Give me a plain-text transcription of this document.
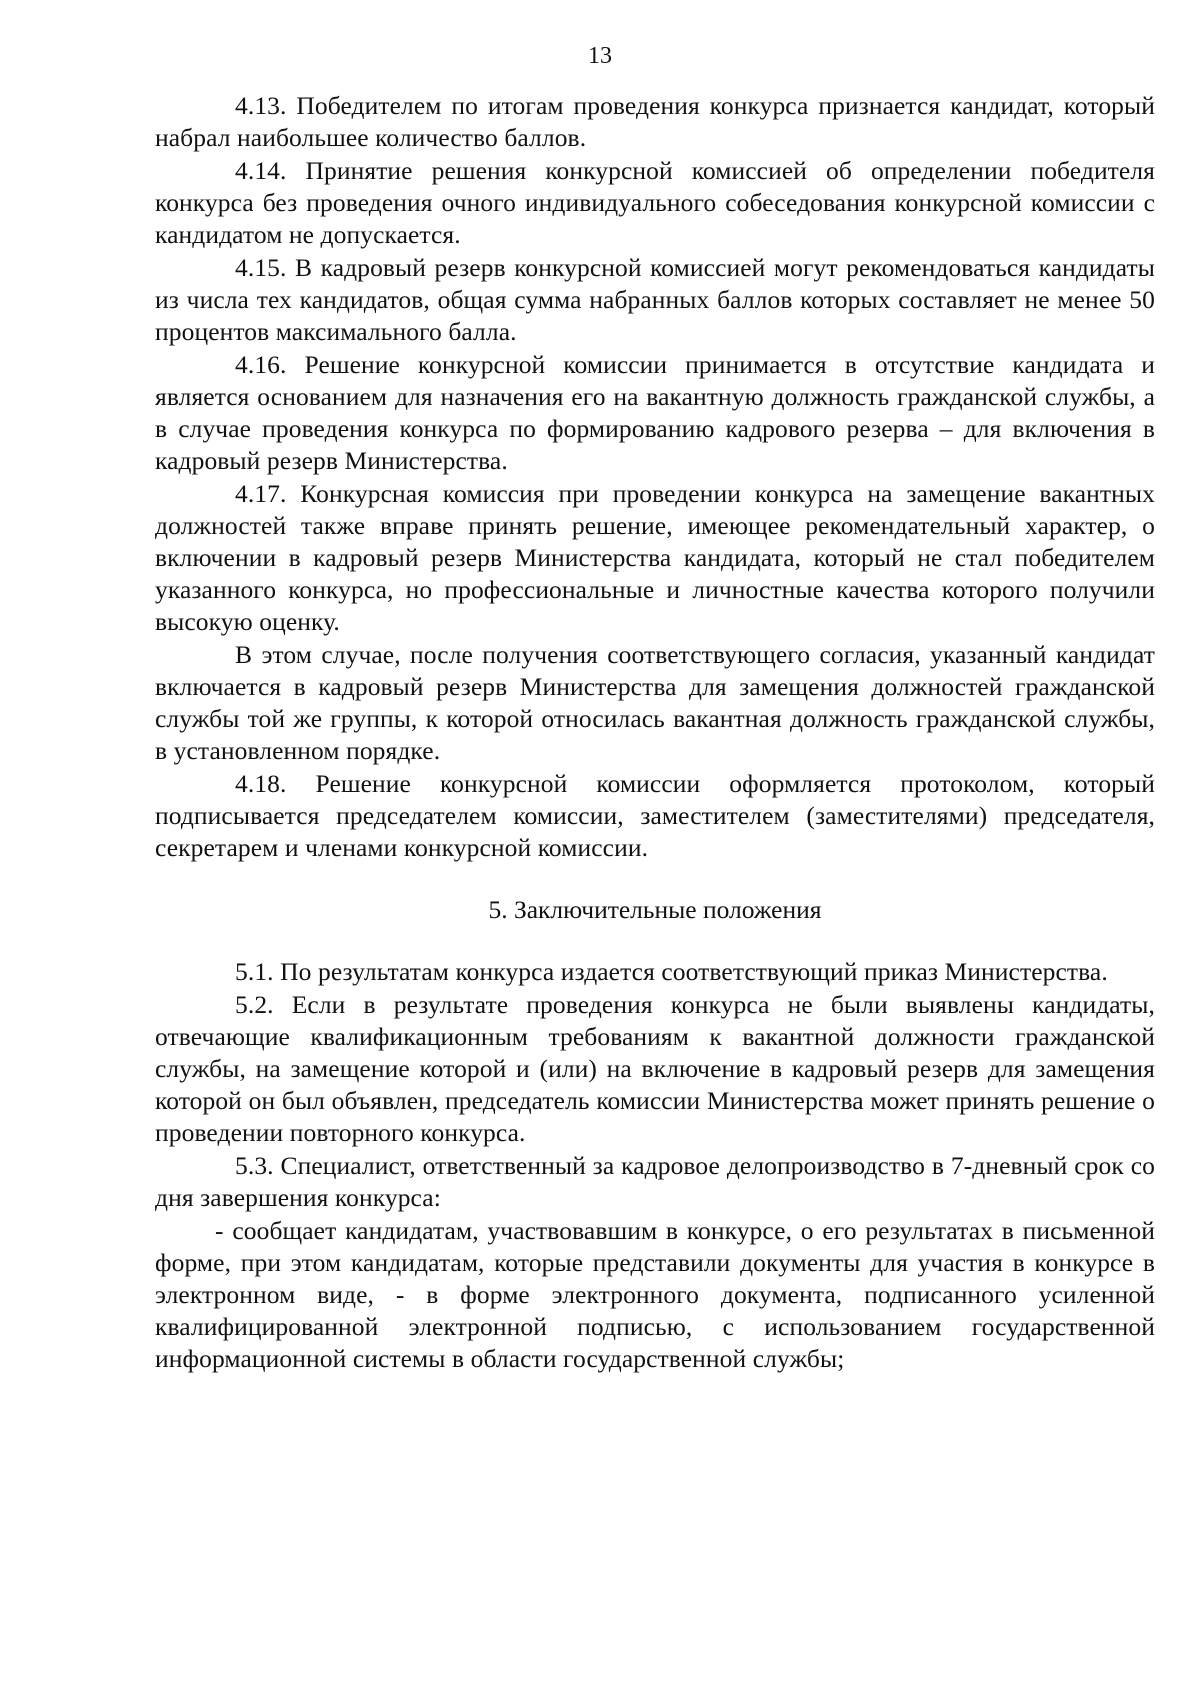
13

4.13. Победителем по итогам проведения конкурса признается кандидат, который набрал наибольшее количество баллов.

4.14. Принятие решения конкурсной комиссией об определении победителя конкурса без проведения очного индивидуального собеседования конкурсной комиссии с кандидатом не допускается.

4.15. В кадровый резерв конкурсной комиссией могут рекомендоваться кандидаты из числа тех кандидатов, общая сумма набранных баллов которых составляет не менее 50 процентов максимального балла.

4.16. Решение конкурсной комиссии принимается в отсутствие кандидата и является основанием для назначения его на вакантную должность гражданской службы, а в случае проведения конкурса по формированию кадрового резерва – для включения в кадровый резерв Министерства.

4.17. Конкурсная комиссия при проведении конкурса на замещение вакантных должностей также вправе принять решение, имеющее рекомендательный характер, о включении в кадровый резерв Министерства кандидата, который не стал победителем указанного конкурса, но профессиональные и личностные качества которого получили высокую оценку.

В этом случае, после получения соответствующего согласия, указанный кандидат включается в кадровый резерв Министерства для замещения должностей гражданской службы той же группы, к которой относилась вакантная должность гражданской службы, в установленном порядке.

4.18. Решение конкурсной комиссии оформляется протоколом, который подписывается председателем комиссии, заместителем (заместителями) председателя, секретарем и членами конкурсной комиссии.

5. Заключительные положения

5.1. По результатам конкурса издается соответствующий приказ Министерства.

5.2. Если в результате проведения конкурса не были выявлены кандидаты, отвечающие квалификационным требованиям к вакантной должности гражданской службы, на замещение которой и (или) на включение в кадровый резерв для замещения которой он был объявлен, председатель комиссии Министерства может принять решение о проведении повторного конкурса.

5.3. Специалист, ответственный за кадровое делопроизводство в 7-дневный срок со дня завершения конкурса:

- сообщает кандидатам, участвовавшим в конкурсе, о его результатах в письменной форме, при этом кандидатам, которые представили документы для участия в конкурсе в электронном виде, - в форме электронного документа, подписанного усиленной квалифицированной электронной подписью, с использованием государственной информационной системы в области государственной службы;
